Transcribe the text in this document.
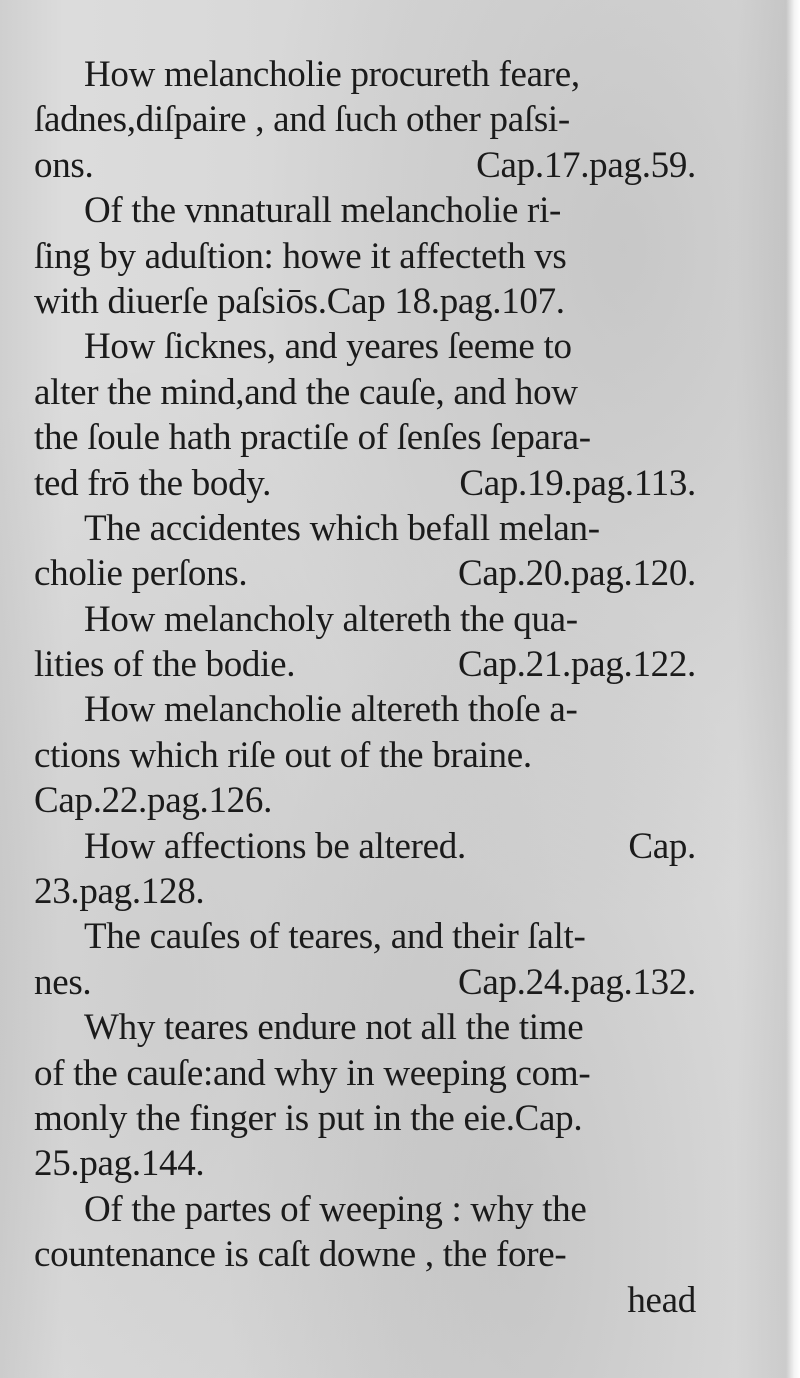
How melancholie procureth feare,
ſadnes,diſpaire , and ſuch other paſsi-
ons.	Cap.17.pag.59.
Of the vnnaturall melancholie ri-
ſing by aduſtion: howe it affecteth vs
with diuerſe paſsiōs.Cap 18.pag.107.
How ſicknes, and yeares ſeeme to
alter the mind,and the cauſe, and how
the ſoule hath practiſe of ſenſes ſepara-
ted frō the body.	Cap.19.pag.113.
The accidentes which befall melan-
cholie perſons.	Cap.20.pag.120.
How melancholy altereth the qua-
lities of the bodie.	Cap.21.pag.122.
How melancholie altereth thoſe a-
ctions which riſe out of the braine.
Cap.22.pag.126.
How affections be altered.	Cap.
23.pag.128.
The cauſes of teares, and their ſalt-
nes.	Cap.24.pag.132.
Why teares endure not all the time
of the cauſe:and why in weeping com-
monly the finger is put in the eie.Cap.
25.pag.144.
Of the partes of weeping : why the
countenance is caſt downe , the fore-
head
